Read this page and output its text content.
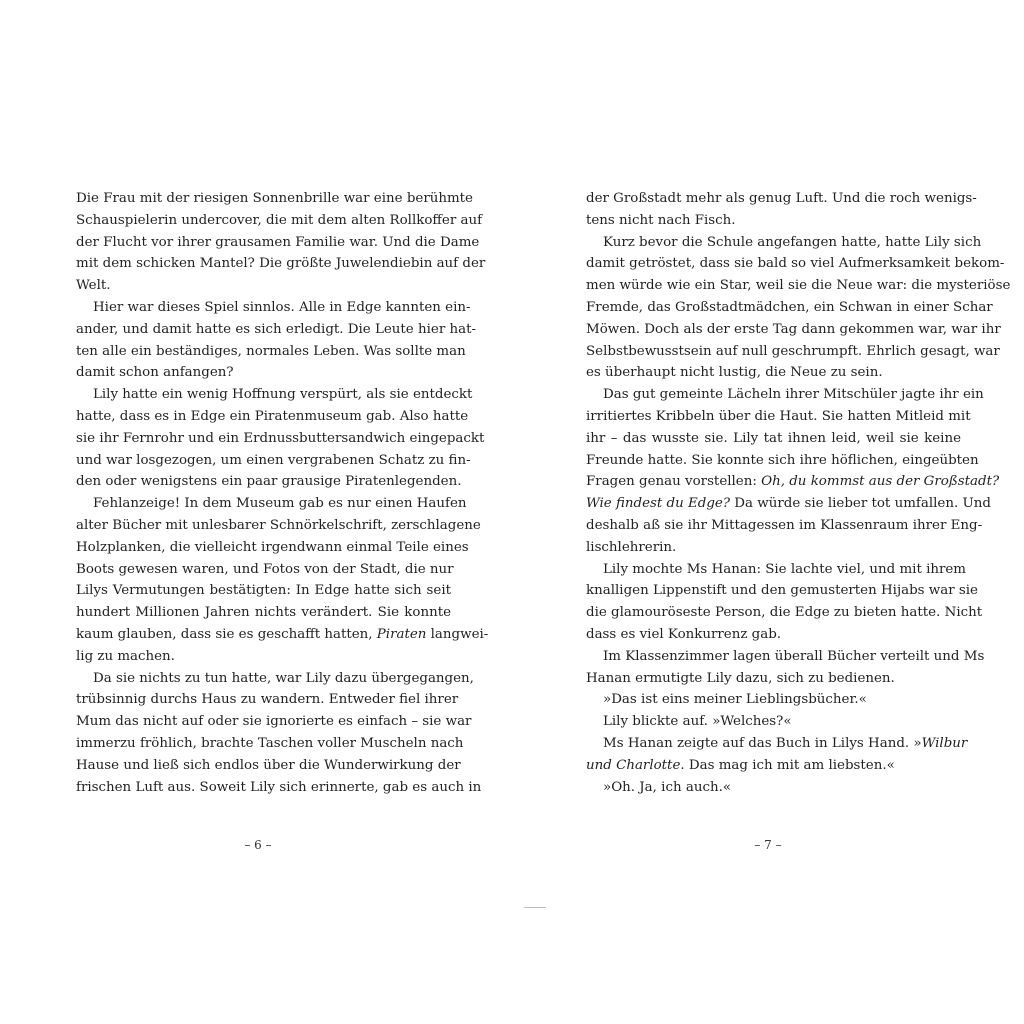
Die Frau mit der riesigen Sonnenbrille war eine berühmte
Schauspielerin undercover, die mit dem alten Rollkoffer auf
der Flucht vor ihrer grausamen Familie war. Und die Dame
mit dem schicken Mantel? Die größte Juwelendiebin auf der
Welt.
Hier war dieses Spiel sinnlos. Alle in Edge kannten ein-
ander, und damit hatte es sich erledigt. Die Leute hier hat-
ten alle ein beständiges, normales Leben. Was sollte man
damit schon anfangen?
Lily hatte ein wenig Hoffnung verspürt, als sie entdeckt
hatte, dass es in Edge ein Piratenmuseum gab. Also hatte
sie ihr Fernrohr und ein Erdnussbuttersandwich eingepackt
und war losgezogen, um einen vergrabenen Schatz zu fin-
den oder wenigstens ein paar grausige Piratenlegenden.
Fehlanzeige! In dem Museum gab es nur einen Haufen
alter Bücher mit unlesbarer Schnörkelschrift, zerschlagene
Holzplanken, die vielleicht irgendwann einmal Teile eines
Boots gewesen waren, und Fotos von der Stadt, die nur
Lilys Vermutungen bestätigten: In Edge hatte sich seit
hundert Millionen Jahren nichts verändert. Sie konnte
kaum glauben, dass sie es geschafft hatten, Piraten langwei-
lig zu machen.
Da sie nichts zu tun hatte, war Lily dazu übergegangen,
trübsinnig durchs Haus zu wandern. Entweder fiel ihrer
Mum das nicht auf oder sie ignorierte es einfach – sie war
immerzu fröhlich, brachte Taschen voller Muscheln nach
Hause und ließ sich endlos über die Wunderwirkung der
frischen Luft aus. Soweit Lily sich erinnerte, gab es auch in
der Großstadt mehr als genug Luft. Und die roch wenigs-
tens nicht nach Fisch.
Kurz bevor die Schule angefangen hatte, hatte Lily sich
damit getröstet, dass sie bald so viel Aufmerksamkeit bekom-
men würde wie ein Star, weil sie die Neue war: die mysteriöse
Fremde, das Großstadtmädchen, ein Schwan in einer Schar
Möwen. Doch als der erste Tag dann gekommen war, war ihr
Selbstbewusstsein auf null geschrumpft. Ehrlich gesagt, war
es überhaupt nicht lustig, die Neue zu sein.
Das gut gemeinte Lächeln ihrer Mitschüler jagte ihr ein
irritiertes Kribbeln über die Haut. Sie hatten Mitleid mit
ihr – das wusste sie. Lily tat ihnen leid, weil sie keine
Freunde hatte. Sie konnte sich ihre höflichen, eingeübten
Fragen genau vorstellen: Oh, du kommst aus der Großstadt?
Wie findest du Edge? Da würde sie lieber tot umfallen. Und
deshalb aß sie ihr Mittagessen im Klassenraum ihrer Eng-
lischlehrerin.
Lily mochte Ms Hanan: Sie lachte viel, und mit ihrem
knalligen Lippenstift und den gemusterten Hijabs war sie
die glamouröseste Person, die Edge zu bieten hatte. Nicht
dass es viel Konkurrenz gab.
Im Klassenzimmer lagen überall Bücher verteilt und Ms
Hanan ermutigte Lily dazu, sich zu bedienen.
»Das ist eins meiner Lieblingsbücher.«
Lily blickte auf. »Welches?«
Ms Hanan zeigte auf das Buch in Lilys Hand. »Wilbur
und Charlotte. Das mag ich mit am liebsten.«
»Oh. Ja, ich auch.«
– 6 –	– 7 –
